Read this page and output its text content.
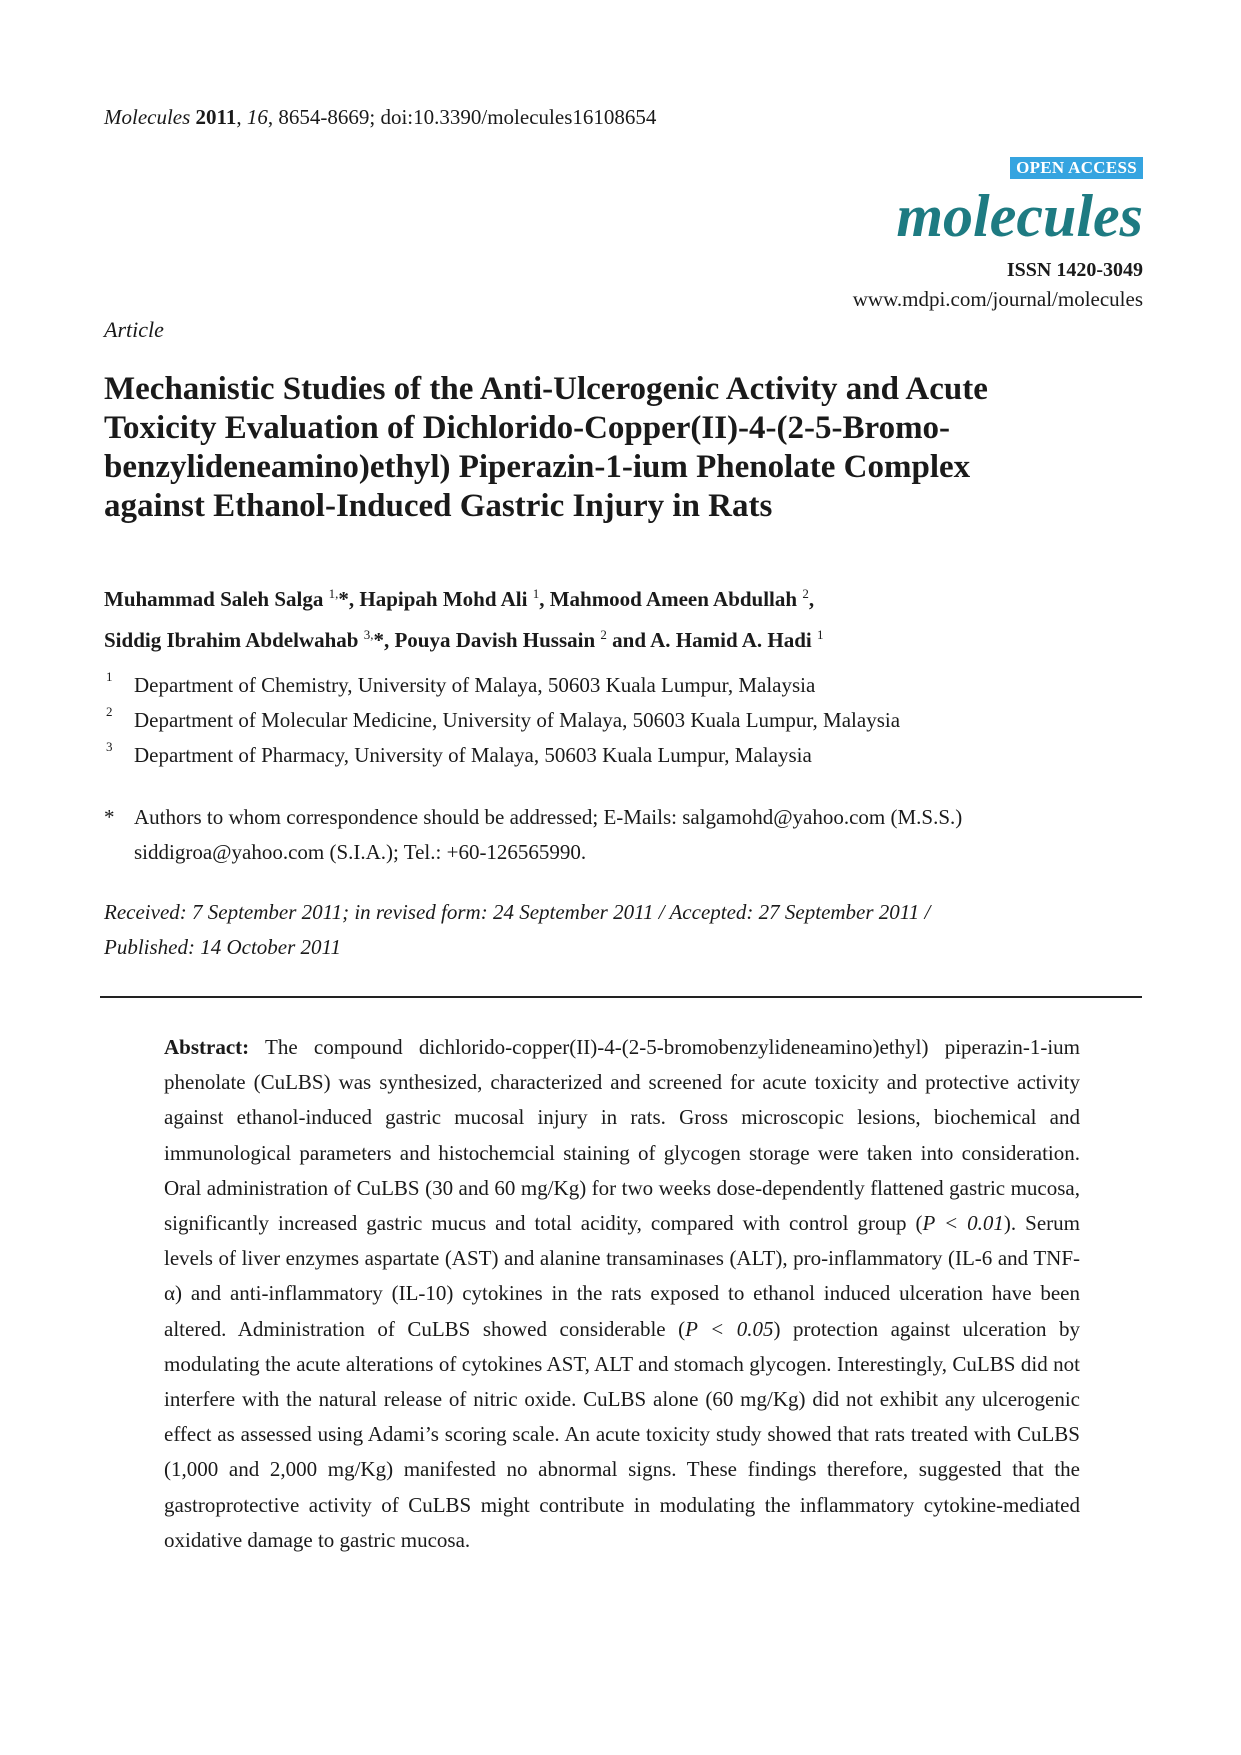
Molecules 2011, 16, 8654-8669; doi:10.3390/molecules16108654
OPEN ACCESS
molecules
ISSN 1420-3049
www.mdpi.com/journal/molecules
Article
Mechanistic Studies of the Anti-Ulcerogenic Activity and Acute
Toxicity Evaluation of Dichlorido-Copper(II)-4-(2-5-Bromo-
benzylideneamino)ethyl) Piperazin-1-ium Phenolate Complex
against Ethanol-Induced Gastric Injury in Rats
Muhammad Saleh Salga $^{1,}$*, Hapipah Mohd Ali $^1$, Mahmood Ameen Abdullah $^2$,
Siddig Ibrahim Abdelwahab $^{3,}$*, Pouya Davish Hussain $^2$ and A. Hamid A. Hadi $^1$
1 Department of Chemistry, University of Malaya, 50603 Kuala Lumpur, Malaysia
2 Department of Molecular Medicine, University of Malaya, 50603 Kuala Lumpur, Malaysia
3 Department of Pharmacy, University of Malaya, 50603 Kuala Lumpur, Malaysia
* Authors to whom correspondence should be addressed; E-Mails: salgamohd@yahoo.com (M.S.S.)
siddigroa@yahoo.com (S.I.A.); Tel.: +60-126565990.
Received: 7 September 2011; in revised form: 24 September 2011 / Accepted: 27 September 2011 /
Published: 14 October 2011
Abstract: The compound dichlorido-copper(II)-4-(2-5-bromobenzylideneamino)ethyl) piperazin-1-ium phenolate (CuLBS) was synthesized, characterized and screened for acute toxicity and protective activity against ethanol-induced gastric mucosal injury in rats. Gross microscopic lesions, biochemical and immunological parameters and histochemcial staining of glycogen storage were taken into consideration. Oral administration of CuLBS (30 and 60 mg/Kg) for two weeks dose-dependently flattened gastric mucosa, significantly increased gastric mucus and total acidity, compared with control group (P < 0.01). Serum levels of liver enzymes aspartate (AST) and alanine transaminases (ALT), pro-inflammatory (IL-6 and TNF-α) and anti-inflammatory (IL-10) cytokines in the rats exposed to ethanol induced ulceration have been altered. Administration of CuLBS showed considerable (P < 0.05) protection against ulceration by modulating the acute alterations of cytokines AST, ALT and stomach glycogen. Interestingly, CuLBS did not interfere with the natural release of nitric oxide. CuLBS alone (60 mg/Kg) did not exhibit any ulcerogenic effect as assessed using Adami’s scoring scale. An acute toxicity study showed that rats treated with CuLBS (1,000 and 2,000 mg/Kg) manifested no abnormal signs. These findings therefore, suggested that the gastroprotective activity of CuLBS might contribute in modulating the inflammatory cytokine-mediated oxidative damage to gastric mucosa.
